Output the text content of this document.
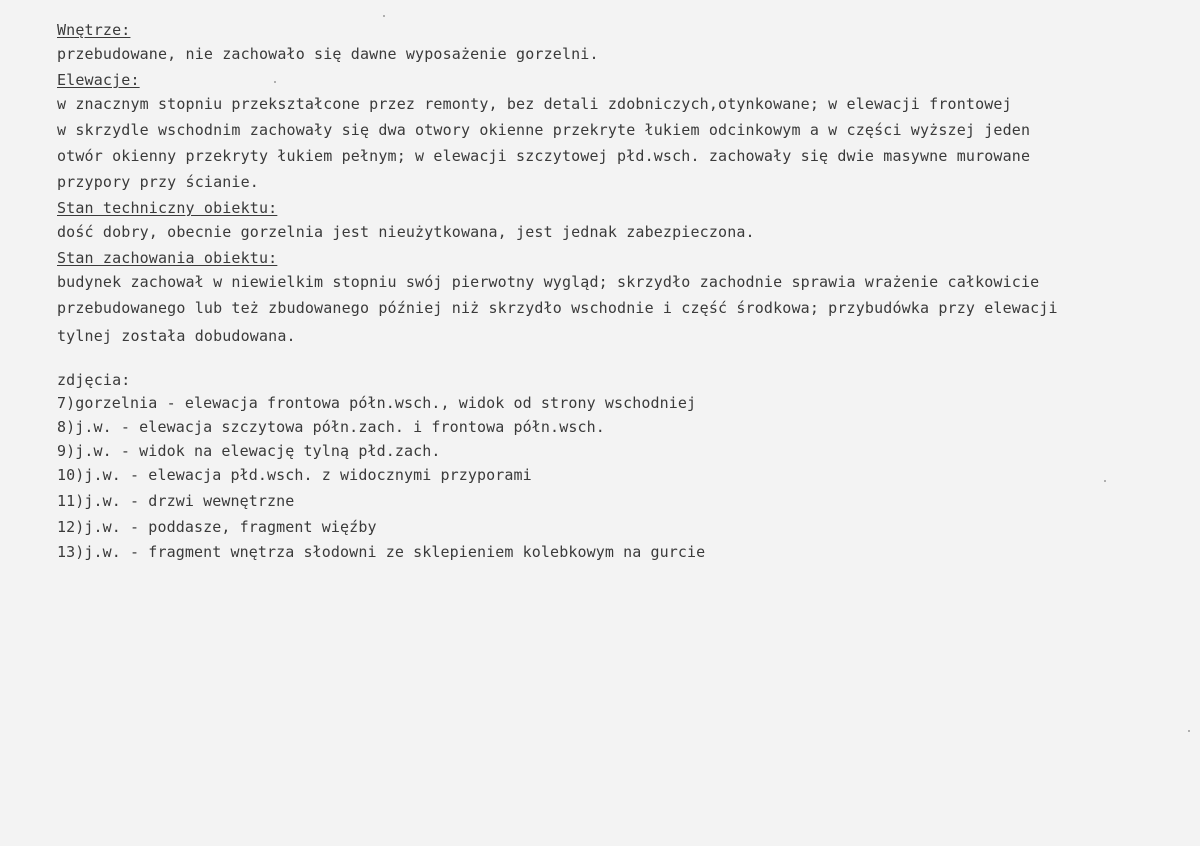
Wnętrze:
przebudowane, nie zachowało się dawne wyposażenie gorzelni.
Elewacje:
w znacznym stopniu przekształcone przez remonty, bez detali zdobniczych,otynkowane; w elewacji frontowej
w skrzydle wschodnim zachowały się dwa otwory okienne przekryte łukiem odcinkowym a w części wyższej jeden
otwór okienny przekryty łukiem pełnym; w elewacji szczytowej płd.wsch. zachowały się dwie masywne murowane
przypory przy ścianie.
Stan techniczny obiektu:
dość dobry, obecnie gorzelnia jest nieużytkowana, jest jednak zabezpieczona.
Stan zachowania obiektu:
budynek zachował w niewielkim stopniu swój pierwotny wygląd; skrzydło zachodnie sprawia wrażenie całkowicie
przebudowanego lub też zbudowanego później niż skrzydło wschodnie i część środkowa; przybudówka przy elewacji
tylnej została dobudowana.
zdjęcia:
7)gorzelnia - elewacja frontowa półn.wsch., widok od strony wschodniej
8)j.w. - elewacja szczytowa półn.zach. i frontowa półn.wsch.
9)j.w. - widok na elewację tylną płd.zach.
10)j.w. - elewacja płd.wsch. z widocznymi przyporami
11)j.w. - drzwi wewnętrzne
12)j.w. - poddasze, fragment więźby
13)j.w. - fragment wnętrza słodowni ze sklepieniem kolebkowym na gurcie
